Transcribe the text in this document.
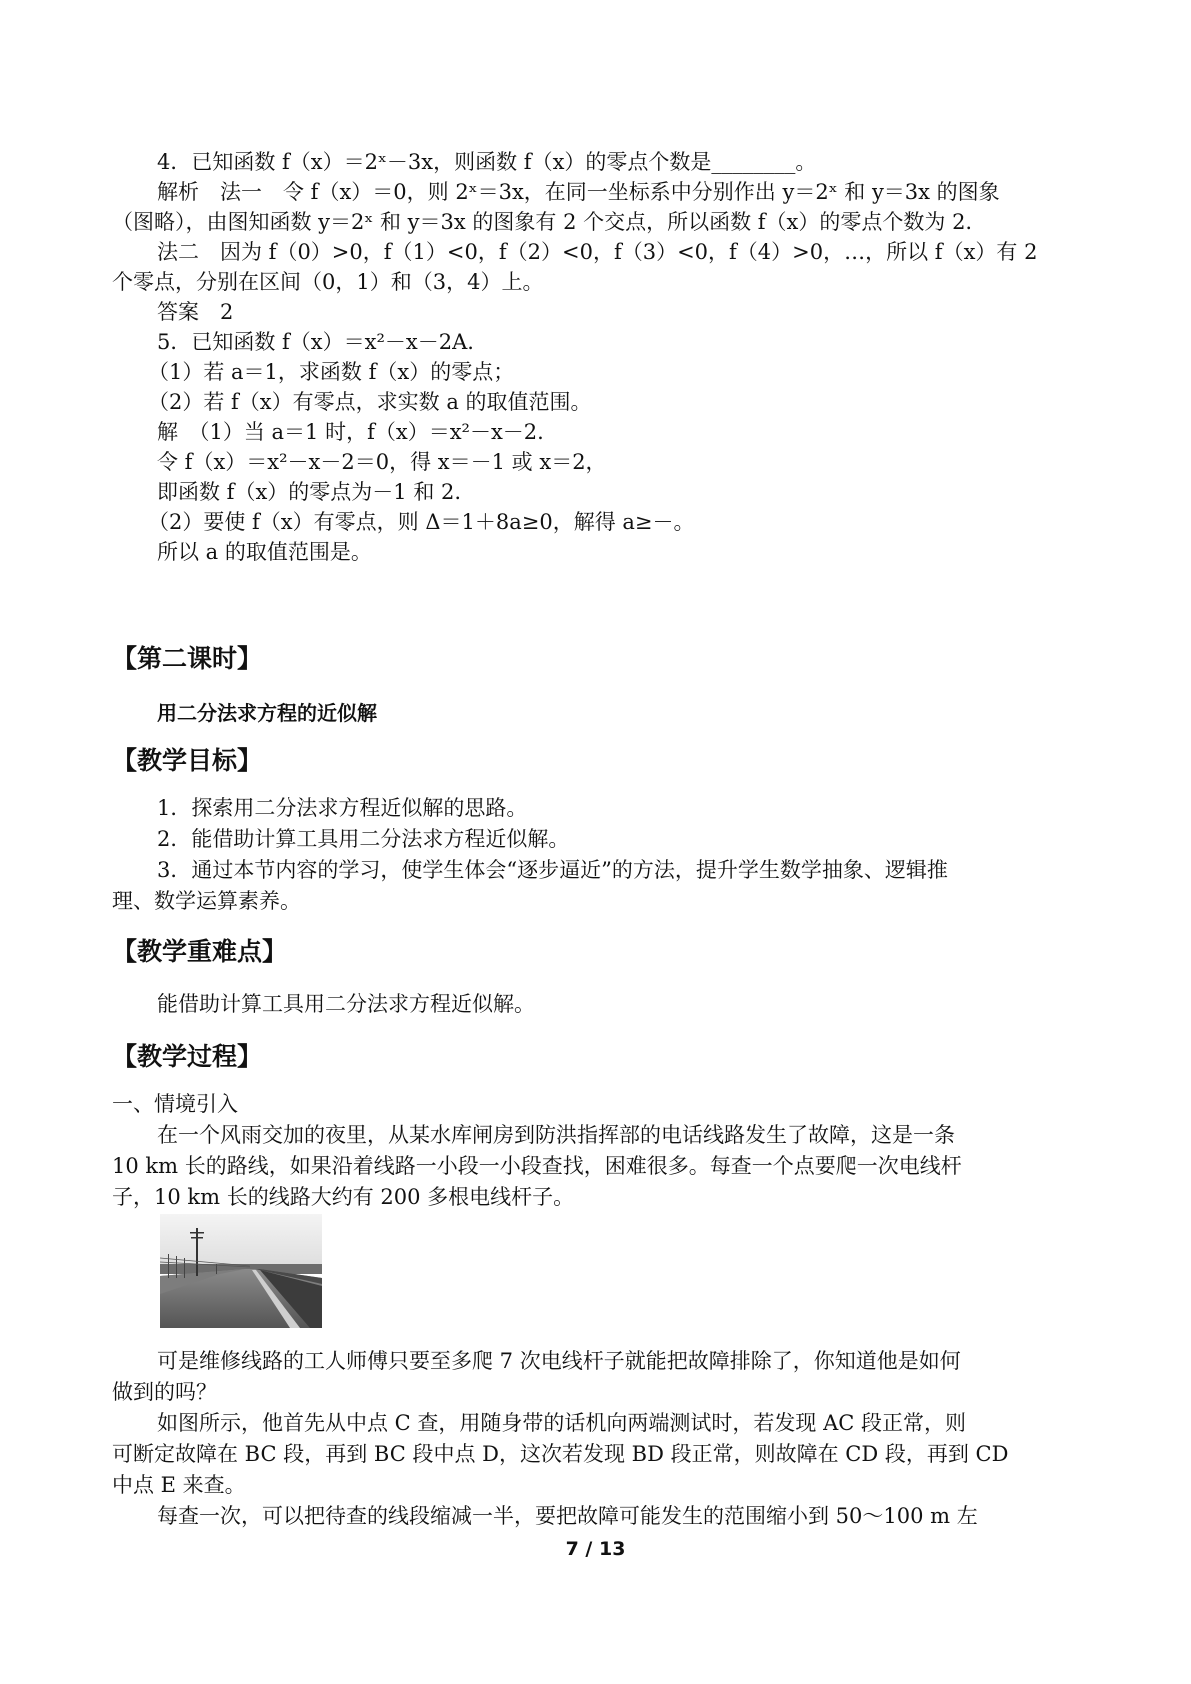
4．已知函数 f（x）＝2ˣ－3x，则函数 f（x）的零点个数是________。
解析　法一　令 f（x）＝0，则 2ˣ＝3x，在同一坐标系中分别作出 y＝2ˣ 和 y＝3x 的图象
（图略），由图知函数 y＝2ˣ 和 y＝3x 的图象有 2 个交点，所以函数 f（x）的零点个数为 2.
法二　因为 f（0）>0，f（1）<0，f（2）<0，f（3）<0，f（4）>0，…，所以 f（x）有 2
个零点，分别在区间（0，1）和（3，4）上。
答案　2
5．已知函数 f（x）＝x²－x－2A.
（1）若 a＝1，求函数 f（x）的零点；
（2）若 f（x）有零点，求实数 a 的取值范围。
解　（1）当 a＝1 时，f（x）＝x²－x－2.
令 f（x）＝x²－x－2＝0，得 x＝－1 或 x＝2，
即函数 f（x）的零点为－1 和 2.
（2）要使 f（x）有零点，则 Δ＝1＋8a≥0，解得 a≥－。
所以 a 的取值范围是。
【第二课时】
用二分法求方程的近似解
【教学目标】
1．探索用二分法求方程近似解的思路。
2．能借助计算工具用二分法求方程近似解。
3．通过本节内容的学习，使学生体会“逐步逼近”的方法，提升学生数学抽象、逻辑推
理、数学运算素养。
【教学重难点】
能借助计算工具用二分法求方程近似解。
【教学过程】
一、情境引入
在一个风雨交加的夜里，从某水库闸房到防洪指挥部的电话线路发生了故障，这是一条
10 km 长的路线，如果沿着线路一小段一小段查找，困难很多。每查一个点要爬一次电线杆
子，10 km 长的线路大约有 200 多根电线杆子。
可是维修线路的工人师傅只要至多爬 7 次电线杆子就能把故障排除了，你知道他是如何
做到的吗？
如图所示，他首先从中点 C 查，用随身带的话机向两端测试时，若发现 AC 段正常，则
可断定故障在 BC 段，再到 BC 段中点 D，这次若发现 BD 段正常，则故障在 CD 段，再到 CD
中点 E 来查。
每查一次，可以把待查的线段缩减一半，要把故障可能发生的范围缩小到 50～100 m 左
7 / 13
